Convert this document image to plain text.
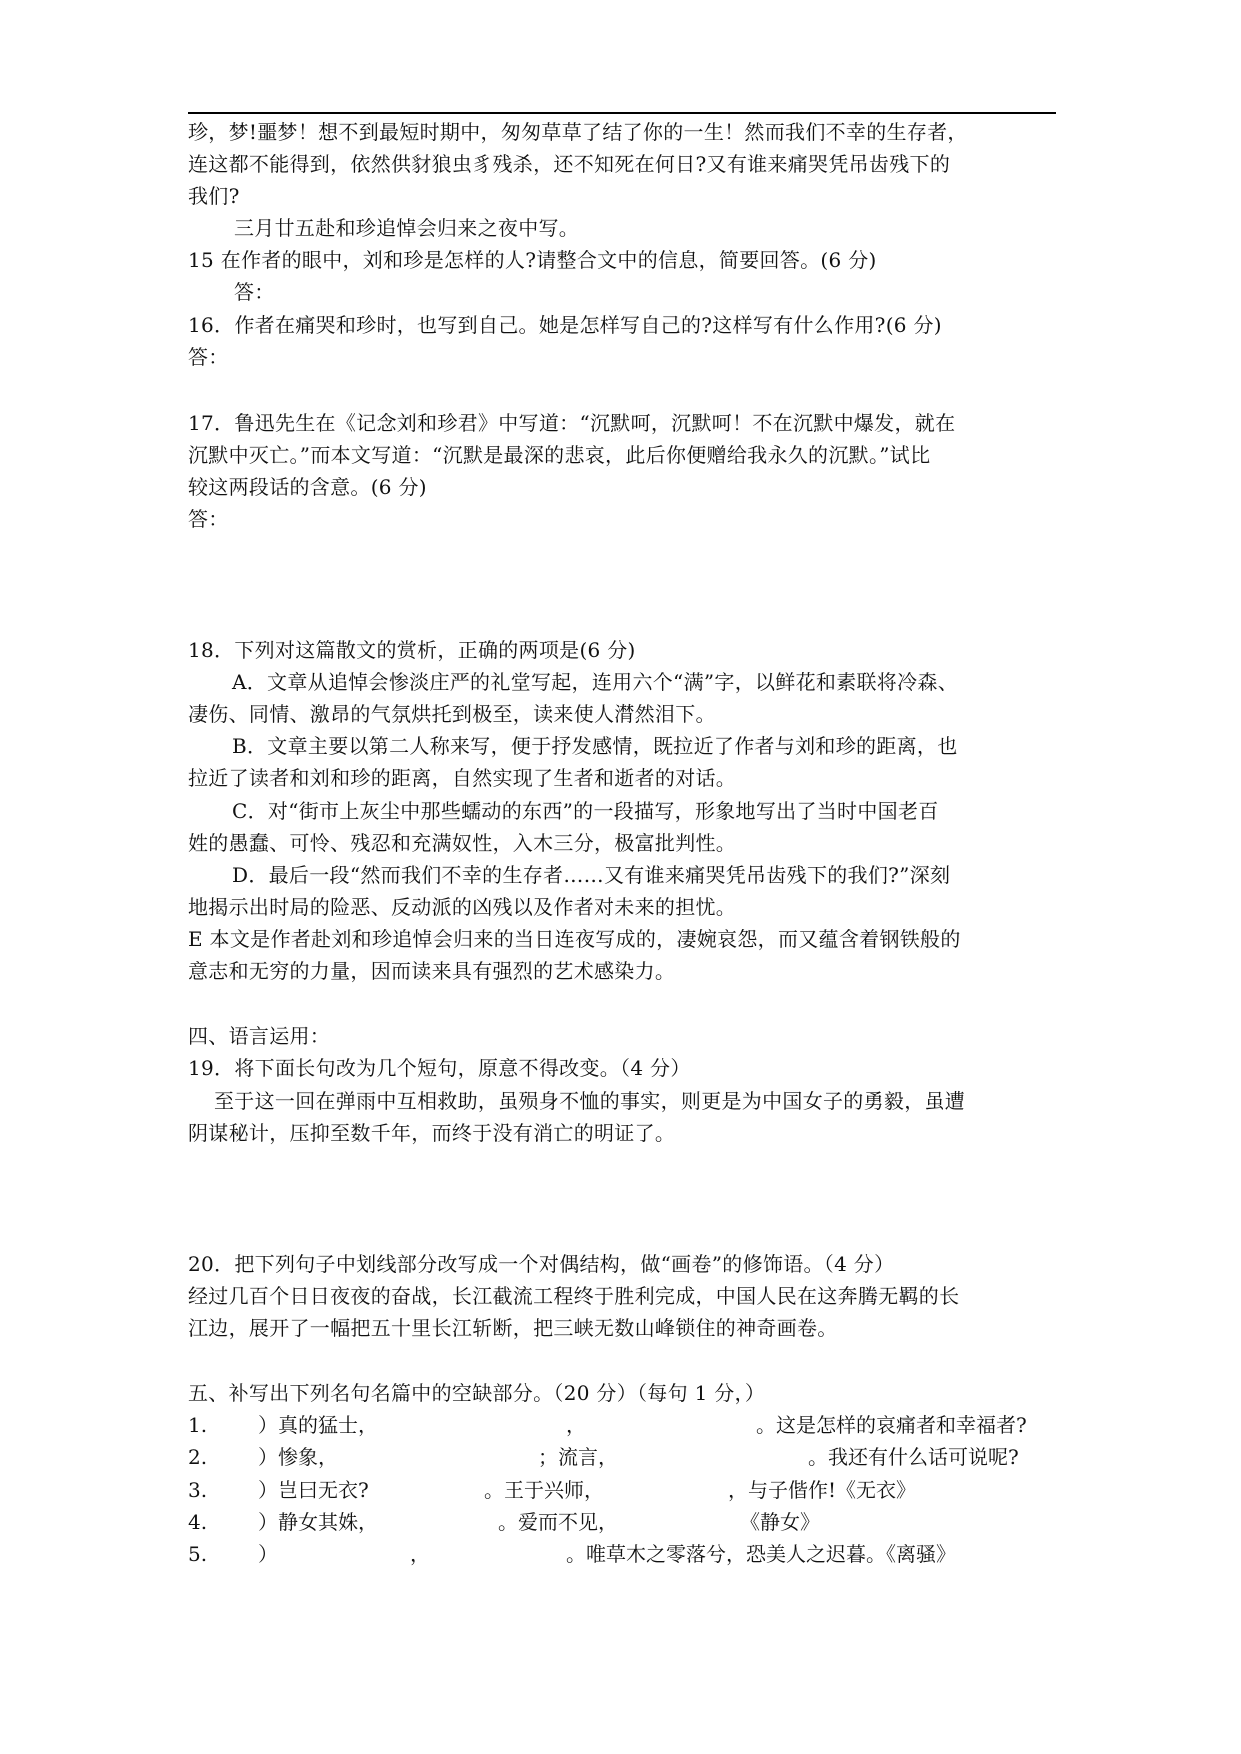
珍，梦!噩梦！想不到最短时期中，匆匆草草了结了你的一生！然而我们不幸的生存者，
连这都不能得到，依然供豺狼虫豸残杀，还不知死在何日?又有谁来痛哭凭吊齿残下的
我们?
三月廿五赴和珍追悼会归来之夜中写。
15 在作者的眼中，刘和珍是怎样的人?请整合文中的信息，简要回答。(6 分)
答：
16．作者在痛哭和珍时，也写到自己。她是怎样写自己的?这样写有什么作用?(6 分)
答：
17．鲁迅先生在《记念刘和珍君》中写道：“沉默呵，沉默呵！不在沉默中爆发，就在
沉默中灭亡。”而本文写道：“沉默是最深的悲哀，此后你便赠给我永久的沉默。”试比
较这两段话的含意。(6 分)
答：
18．下列对这篇散文的赏析，正确的两项是(6 分)
A．文章从追悼会惨淡庄严的礼堂写起，连用六个“满”字，以鲜花和素联将冷森、
凄伤、同情、激昂的气氛烘托到极至，读来使人潸然泪下。
B．文章主要以第二人称来写，便于抒发感情，既拉近了作者与刘和珍的距离，也
拉近了读者和刘和珍的距离，自然实现了生者和逝者的对话。
C．对“街市上灰尘中那些蠕动的东西”的一段描写，形象地写出了当时中国老百
姓的愚蠢、可怜、残忍和充满奴性，入木三分，极富批判性。
D．最后一段“然而我们不幸的生存者……又有谁来痛哭凭吊齿残下的我们?”深刻
地揭示出时局的险恶、反动派的凶残以及作者对未来的担忧。
E 本文是作者赴刘和珍追悼会归来的当日连夜写成的，凄婉哀怨，而又蕴含着钢铁般的
意志和无穷的力量，因而读来具有强烈的艺术感染力。
四、语言运用：
19．将下面长句改为几个短句，原意不得改变。（4 分）
至于这一回在弹雨中互相救助，虽殒身不恤的事实，则更是为中国女子的勇毅，虽遭
阴谋秘计，压抑至数千年，而终于没有消亡的明证了。
20．把下列句子中划线部分改写成一个对偶结构，做“画卷”的修饰语。（4 分）
经过几百个日日夜夜的奋战，长江截流工程终于胜利完成，中国人民在这奔腾无羁的长
江边，展开了一幅把五十里长江斩断，把三峡无数山峰锁住的神奇画卷。
五、补写出下列名句名篇中的空缺部分。（20 分）（每句 1 分，）
1.	）真的猛士，	，	。这是怎样的哀痛者和幸福者?
2.	）惨象，	；流言，	。我还有什么话可说呢?
3.	）岂曰无衣?	。王于兴师，	，与子偕作!《无衣》
4.	）静女其姝，	。爱而不见，	《静女》
5.	）	，	。唯草木之零落兮，恐美人之迟暮。《离骚》
